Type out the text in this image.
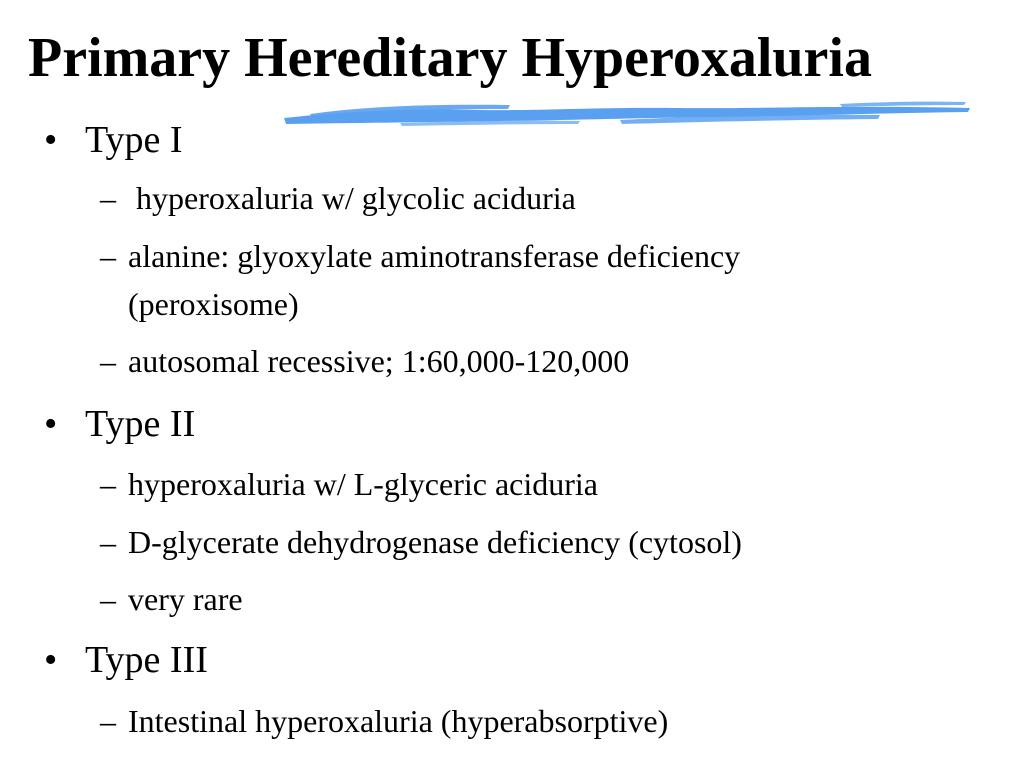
Primary Hereditary Hyperoxaluria
• Type I
– hyperoxaluria w/ glycolic aciduria
– alanine: glyoxylate aminotransferase deficiency (peroxisome)
– autosomal recessive; 1:60,000-120,000
• Type II
– hyperoxaluria w/ L-glyceric aciduria
– D-glycerate dehydrogenase deficiency (cytosol)
– very rare
• Type III
– Intestinal hyperoxaluria (hyperabsorptive)
